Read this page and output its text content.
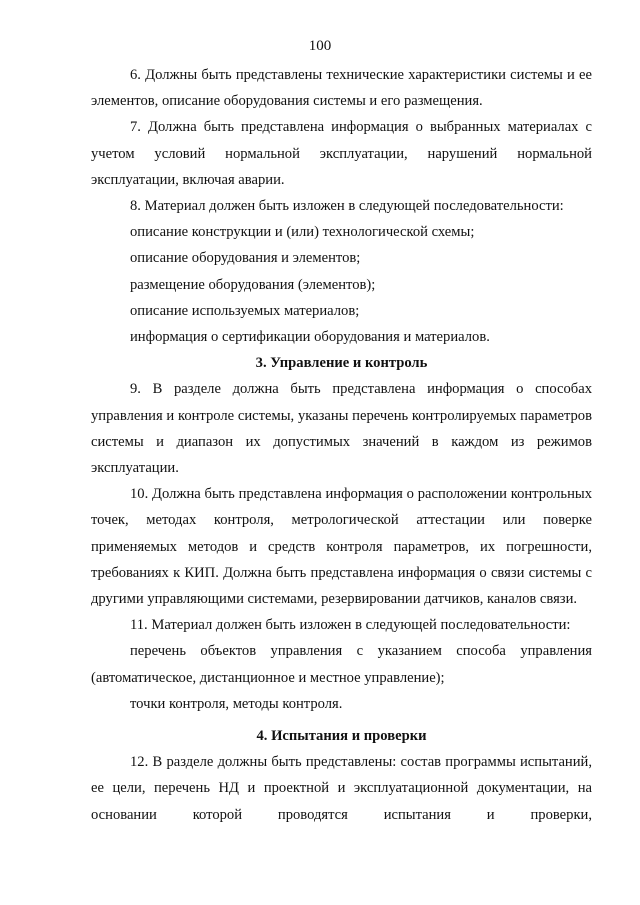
100

6. Должны быть представлены технические характеристики системы и ее элементов, описание оборудования системы и его размещения.

7. Должна быть представлена информация о выбранных материалах с учетом условий нормальной эксплуатации, нарушений нормальной эксплуатации, включая аварии.

8. Материал должен быть изложен в следующей последовательности:

описание конструкции и (или) технологической схемы;

описание оборудования и элементов;

размещение оборудования (элементов);

описание используемых материалов;

информация о сертификации оборудования и материалов.

3. Управление и контроль

9. В разделе должна быть представлена информация о способах управления и контроле системы, указаны перечень контролируемых параметров системы и диапазон их допустимых значений в каждом из режимов эксплуатации.

10. Должна быть представлена информация о расположении контрольных точек, методах контроля, метрологической аттестации или поверке применяемых методов и средств контроля параметров, их погрешности, требованиях к КИП. Должна быть представлена информация о связи системы с другими управляющими системами, резервировании датчиков, каналов связи.

11. Материал должен быть изложен в следующей последовательности:

перечень объектов управления с указанием способа управления (автоматическое, дистанционное и местное управление);

точки контроля, методы контроля.

4. Испытания и проверки

12. В разделе должны быть представлены: состав программы испытаний, ее цели, перечень НД и проектной и эксплуатационной документации, на основании которой проводятся испытания и проверки,
